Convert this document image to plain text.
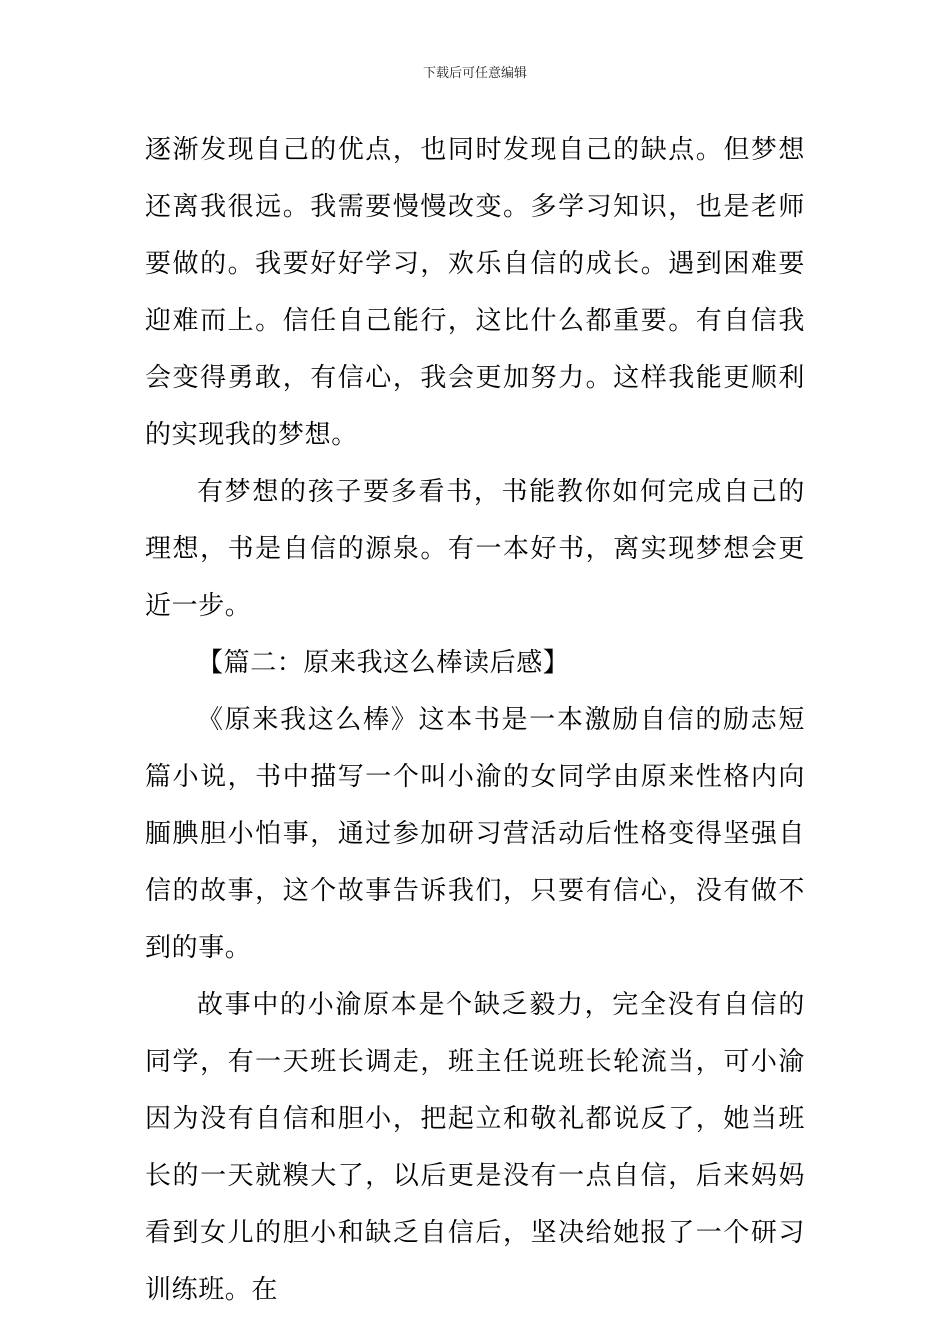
下载后可任意编辑

逐渐发现自己的优点，也同时发现自己的缺点。但梦想还离我很远。我需要慢慢改变。多学习知识，也是老师要做的。我要好好学习，欢乐自信的成长。遇到困难要迎难而上。信任自己能行，这比什么都重要。有自信我会变得勇敢，有信心，我会更加努力。这样我能更顺利的实现我的梦想。

有梦想的孩子要多看书，书能教你如何完成自己的理想，书是自信的源泉。有一本好书，离实现梦想会更近一步。

【篇二：原来我这么棒读后感】

《原来我这么棒》这本书是一本激励自信的励志短篇小说，书中描写一个叫小渝的女同学由原来性格内向腼腆胆小怕事，通过参加研习营活动后性格变得坚强自信的故事，这个故事告诉我们，只要有信心，没有做不到的事。

故事中的小渝原本是个缺乏毅力，完全没有自信的同学，有一天班长调走，班主任说班长轮流当，可小渝因为没有自信和胆小，把起立和敬礼都说反了，她当班长的一天就糗大了，以后更是没有一点自信，后来妈妈看到女儿的胆小和缺乏自信后，坚决给她报了一个研习训练班。在
